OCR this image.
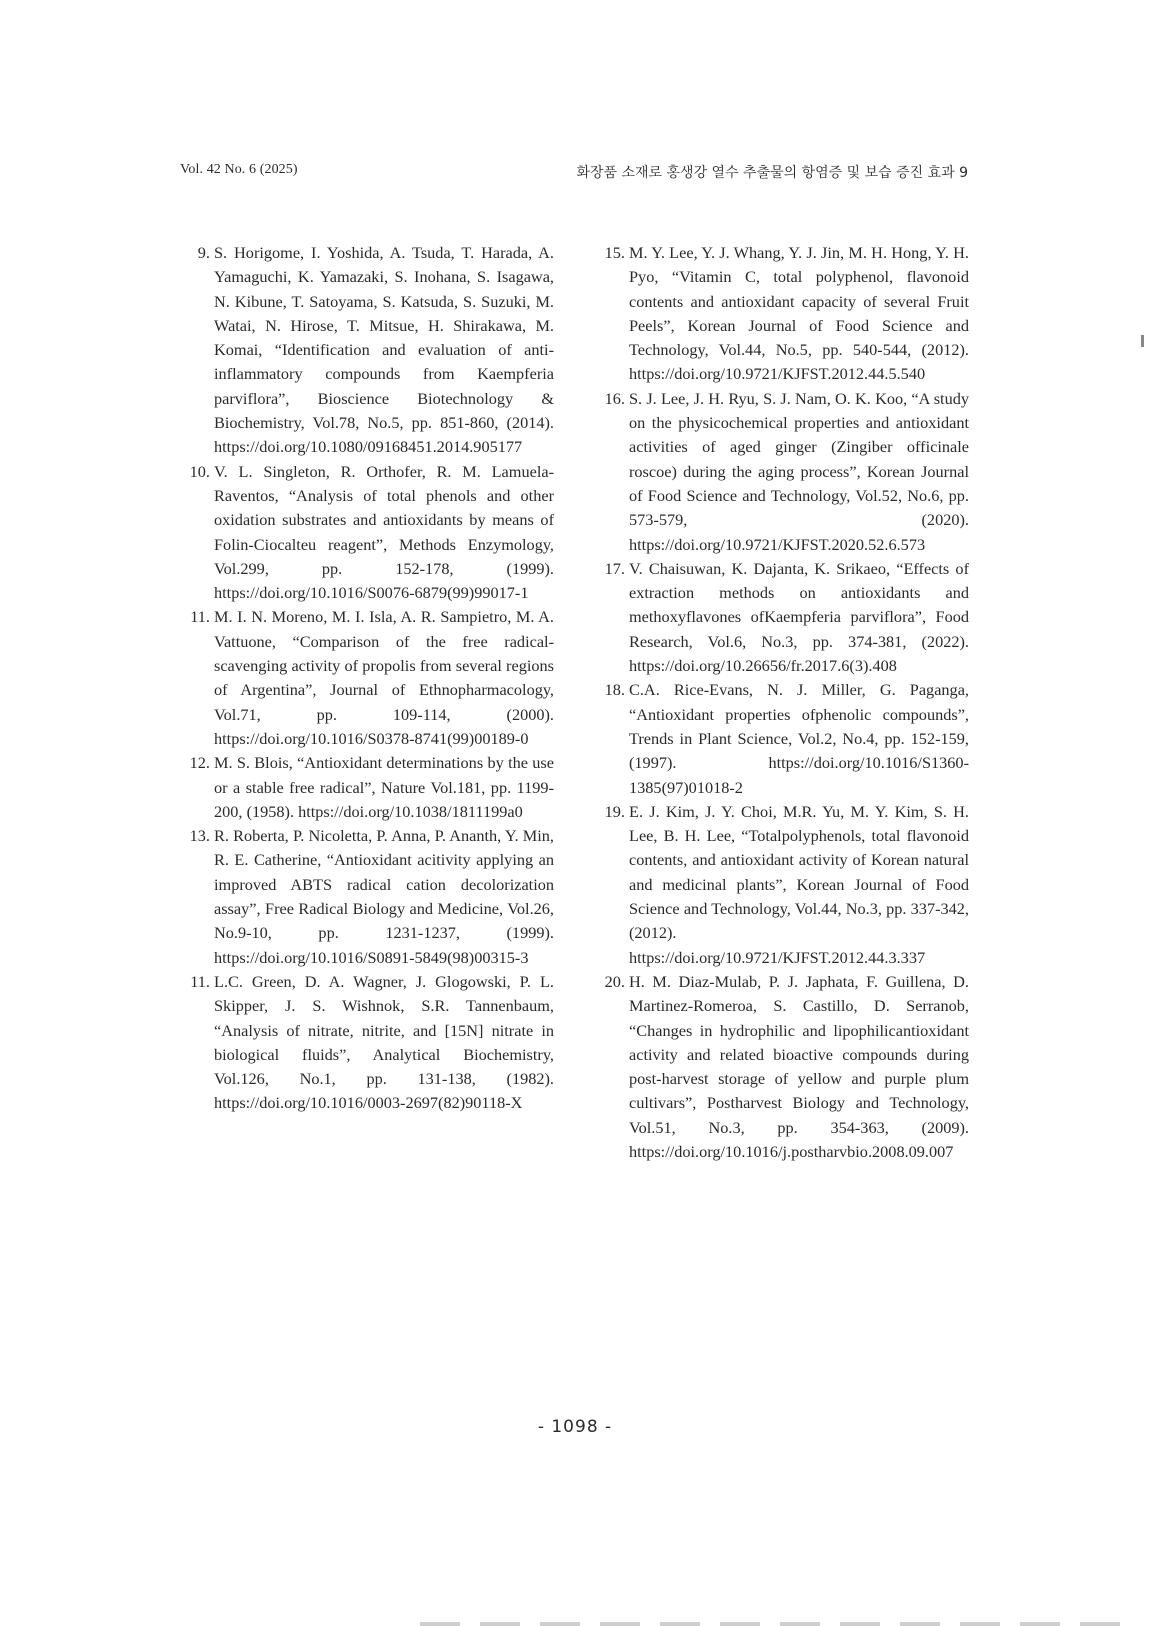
Vol. 42 No. 6 (2025)	화장품 소재로 홍생강 열수 추출물의 항염증 및 보습 증진 효과 9
9. S. Horigome, I. Yoshida, A. Tsuda, T. Harada, A. Yamaguchi, K. Yamazaki, S. Inohana, S. Isagawa, N. Kibune, T. Satoyama, S. Katsuda, S. Suzuki, M. Watai, N. Hirose, T. Mitsue, H. Shirakawa, M. Komai, “Identification and evaluation of anti-inflammatory compounds from Kaempferia parviflora”, Bioscience Biotechnology & Biochemistry, Vol.78, No.5, pp. 851-860, (2014). https://doi.org/10.1080/09168451.2014.905177
10. V. L. Singleton, R. Orthofer, R. M. Lamuela-Raventos, “Analysis of total phenols and other oxidation substrates and antioxidants by means of Folin-Ciocalteu reagent”, Methods Enzymology, Vol.299, pp. 152-178, (1999). https://doi.org/10.1016/S0076-6879(99)99017-1
11. M. I. N. Moreno, M. I. Isla, A. R. Sampietro, M. A. Vattuone, “Comparison of the free radical-scavenging activity of propolis from several regions of Argentina”, Journal of Ethnopharmacology, Vol.71, pp. 109-114, (2000). https://doi.org/10.1016/S0378-8741(99)00189-0
12. M. S. Blois, “Antioxidant determinations by the use or a stable free radical”, Nature Vol.181, pp. 1199-200, (1958). https://doi.org/10.1038/1811199a0
13. R. Roberta, P. Nicoletta, P. Anna, P. Ananth, Y. Min, R. E. Catherine, “Antioxidant acitivity applying an improved ABTS radical cation decolorization assay”, Free Radical Biology and Medicine, Vol.26, No.9-10, pp. 1231-1237, (1999). https://doi.org/10.1016/S0891-5849(98)00315-3
11. L.C. Green, D. A. Wagner, J. Glogowski, P. L. Skipper, J. S. Wishnok, S.R. Tannenbaum, “Analysis of nitrate, nitrite, and [15N] nitrate in biological fluids”, Analytical Biochemistry, Vol.126, No.1, pp. 131-138, (1982). https://doi.org/10.1016/0003-2697(82)90118-X
15. M. Y. Lee, Y. J. Whang, Y. J. Jin, M. H. Hong, Y. H. Pyo, “Vitamin C, total polyphenol, flavonoid contents and antioxidant capacity of several Fruit Peels”, Korean Journal of Food Science and Technology, Vol.44, No.5, pp. 540-544, (2012). https://doi.org/10.9721/KJFST.2012.44.5.540
16. S. J. Lee, J. H. Ryu, S. J. Nam, O. K. Koo, “A study on the physicochemical properties and antioxidant activities of aged ginger (Zingiber officinale roscoe) during the aging process”, Korean Journal of Food Science and Technology, Vol.52, No.6, pp. 573-579, (2020). https://doi.org/10.9721/KJFST.2020.52.6.573
17. V. Chaisuwan, K. Dajanta, K. Srikaeo, “Effects of extraction methods on antioxidants and methoxyflavones ofKaempferia parviflora”, Food Research, Vol.6, No.3, pp. 374-381, (2022). https://doi.org/10.26656/fr.2017.6(3).408
18. C.A. Rice-Evans, N. J. Miller, G. Paganga, “Antioxidant properties ofphenolic compounds”, Trends in Plant Science, Vol.2, No.4, pp. 152-159, (1997). https://doi.org/10.1016/S1360-1385(97)01018-2
19. E. J. Kim, J. Y. Choi, M.R. Yu, M. Y. Kim, S. H. Lee, B. H. Lee, “Totalpolyphenols, total flavonoid contents, and antioxidant activity of Korean natural and medicinal plants”, Korean Journal of Food Science and Technology, Vol.44, No.3, pp. 337-342, (2012). https://doi.org/10.9721/KJFST.2012.44.3.337
20. H. M. Diaz-Mulab, P. J. Japhata, F. Guillena, D. Martinez-Romeroa, S. Castillo, D. Serranob, “Changes in hydrophilic and lipophilicantioxidant activity and related bioactive compounds during post-harvest storage of yellow and purple plum cultivars”, Postharvest Biology and Technology, Vol.51, No.3, pp. 354-363, (2009). https://doi.org/10.1016/j.postharvbio.2008.09.007
- 1098 -
